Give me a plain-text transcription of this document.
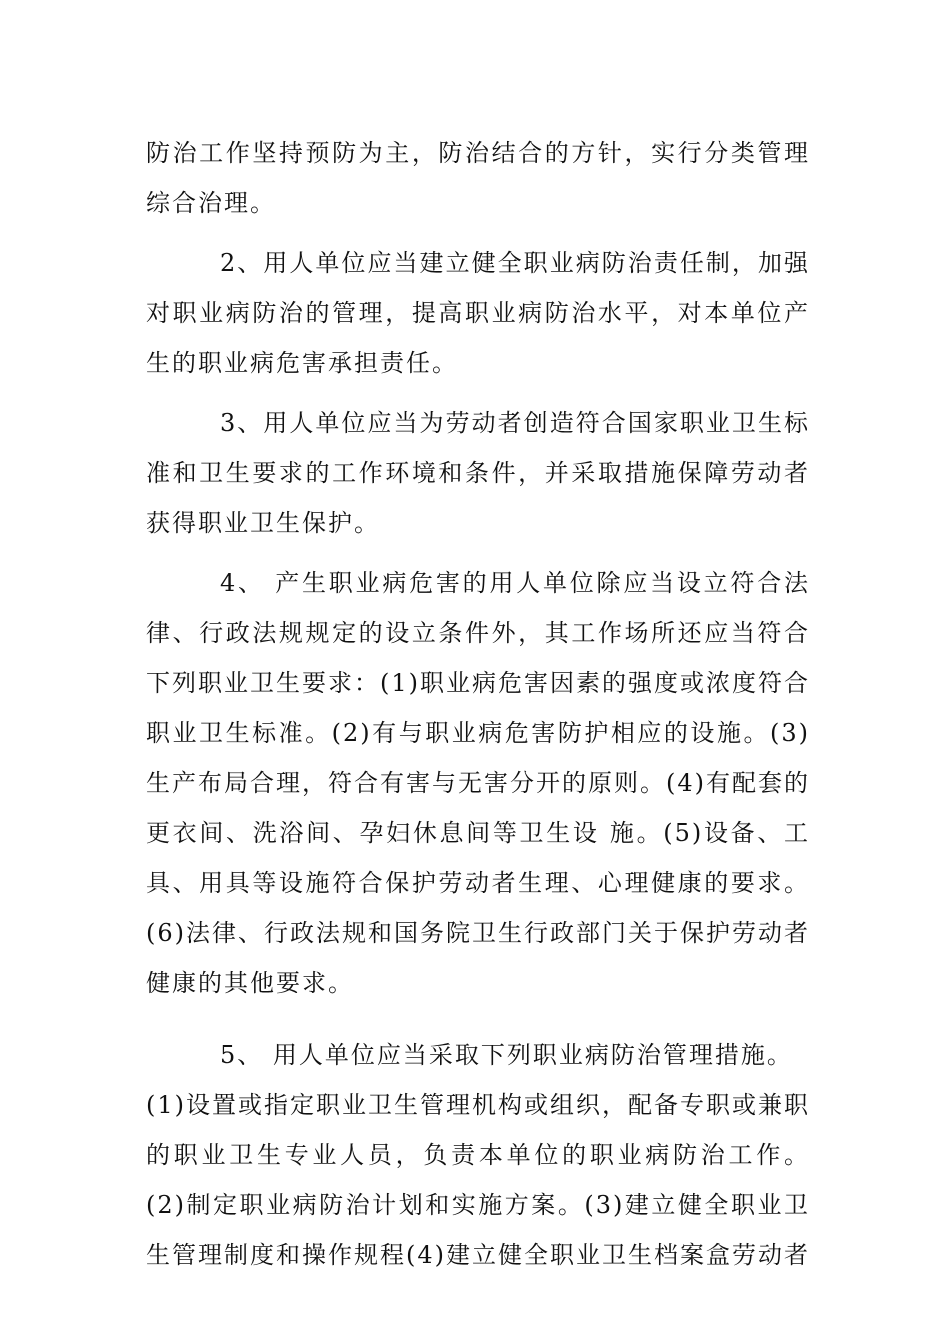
防治工作坚持预防为主，防治结合的方针，实行分类管理
综合治理。
2、用人单位应当建立健全职业病防治责任制，加强
对职业病防治的管理，提高职业病防治水平，对本单位产
生的职业病危害承担责任。
3、用人单位应当为劳动者创造符合国家职业卫生标
准和卫生要求的工作环境和条件，并采取措施保障劳动者
获得职业卫生保护。
4、 产生职业病危害的用人单位除应当设立符合法
律、行政法规规定的设立条件外，其工作场所还应当符合
下列职业卫生要求：(1)职业病危害因素的强度或浓度符合
职业卫生标准。(2)有与职业病危害防护相应的设施。(3)
生产布局合理，符合有害与无害分开的原则。(4)有配套的
更衣间、洗浴间、孕妇休息间等卫生设 施。(5)设备、工
具、用具等设施符合保护劳动者生理、心理健康的要求。
(6)法律、行政法规和国务院卫生行政部门关于保护劳动者
健康的其他要求。
5、 用人单位应当采取下列职业病防治管理措施。
(1)设置或指定职业卫生管理机构或组织，配备专职或兼职
的职业卫生专业人员，负责本单位的职业病防治工作。
(2)制定职业病防治计划和实施方案。(3)建立健全职业卫
生管理制度和操作规程(4)建立健全职业卫生档案盒劳动者
